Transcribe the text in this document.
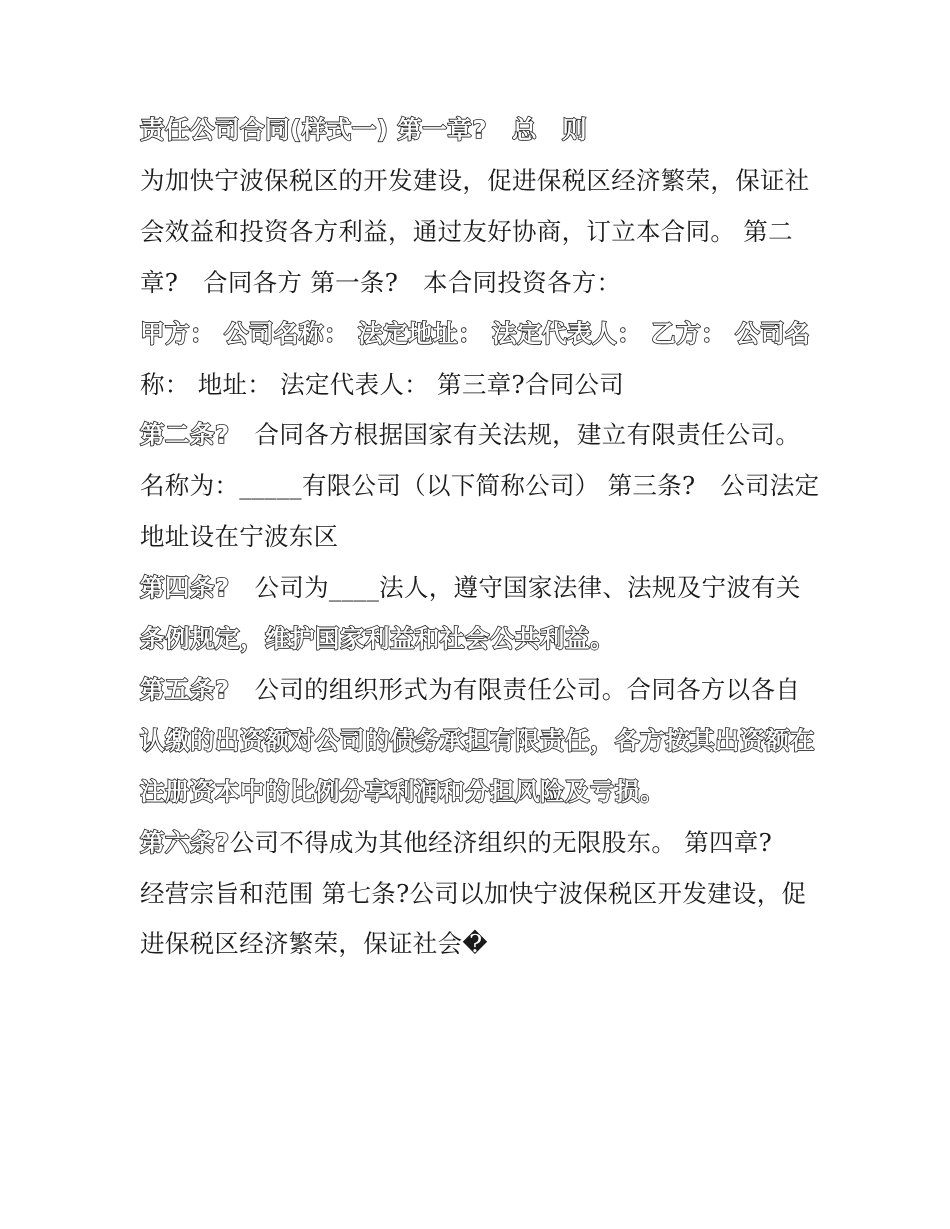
责任公司合同(样式一) 第一章?　总　则
为加快宁波保税区的开发建设，促进保税区经济繁荣，保证社
会效益和投资各方利益，通过友好协商，订立本合同。 第二
章?　合同各方 第一条?　本合同投资各方：
甲方： 公司名称： 法定地址： 法定代表人： 乙方： 公司名
称： 地址： 法定代表人： 第三章?合同公司
第二条?　合同各方根据国家有关法规，建立有限责任公司。
名称为：_____有限公司（以下简称公司） 第三条?　公司法定
地址设在宁波东区
第四条?　公司为____法人，遵守国家法律、法规及宁波有关
条例规定，维护国家利益和社会公共利益。
第五条?　公司的组织形式为有限责任公司。合同各方以各自
认缴的出资额对公司的债务承担有限责任，各方按其出资额在
注册资本中的比例分享利润和分担风险及亏损。
第六条?公司不得成为其他经济组织的无限股东。 第四章?
经营宗旨和范围 第七条?公司以加快宁波保税区开发建设，促
进保税区经济繁荣，保证社会�
